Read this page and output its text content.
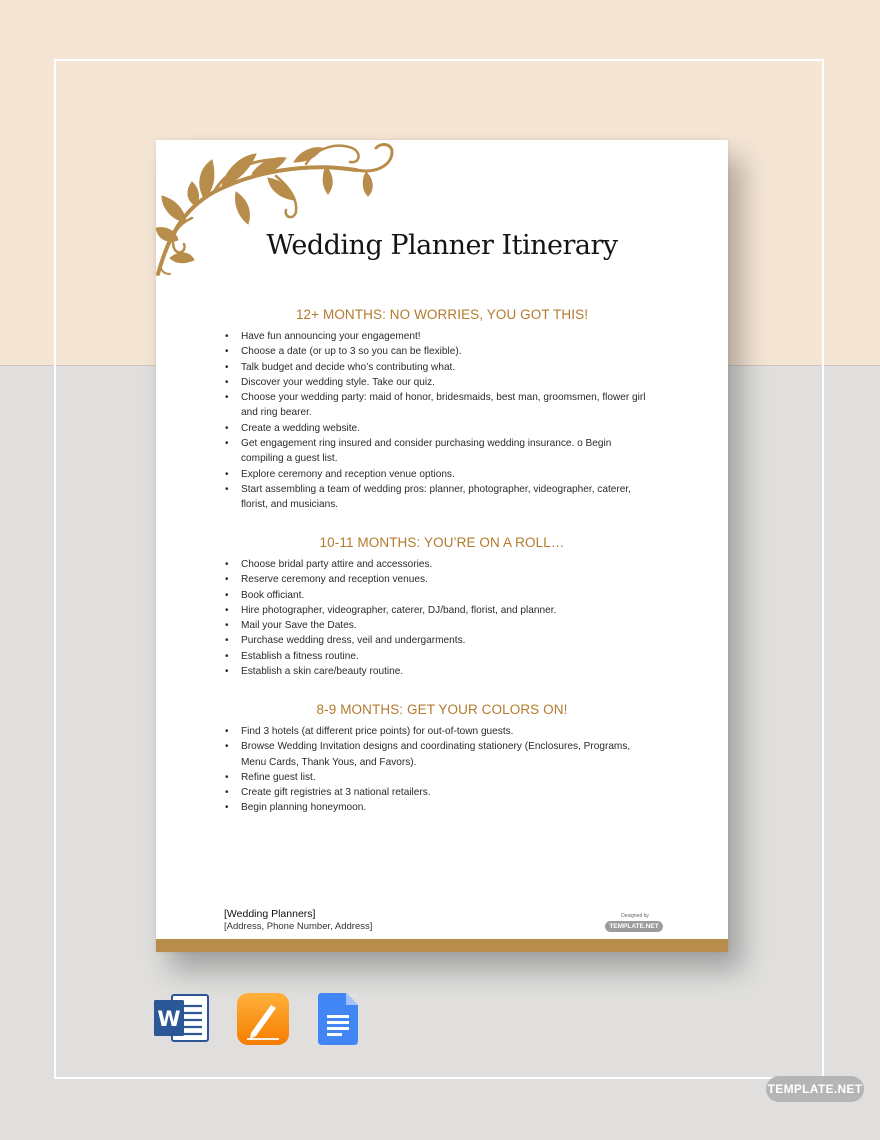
Wedding Planner Itinerary
12+ MONTHS: NO WORRIES, YOU GOT THIS!
• Have fun announcing your engagement!
• Choose a date (or up to 3 so you can be flexible).
• Talk budget and decide who’s contributing what.
• Discover your wedding style. Take our quiz.
• Choose your wedding party: maid of honor, bridesmaids, best man, groomsmen, flower girl and ring bearer.
• Create a wedding website.
• Get engagement ring insured and consider purchasing wedding insurance. o Begin compiling a guest list.
• Explore ceremony and reception venue options.
• Start assembling a team of wedding pros: planner, photographer, videographer, caterer, florist, and musicians.
10-11 MONTHS: YOU’RE ON A ROLL…
• Choose bridal party attire and accessories.
• Reserve ceremony and reception venues.
• Book officiant.
• Hire photographer, videographer, caterer, DJ/band, florist, and planner.
• Mail your Save the Dates.
• Purchase wedding dress, veil and undergarments.
• Establish a fitness routine.
• Establish a skin care/beauty routine.
8-9 MONTHS: GET YOUR COLORS ON!
• Find 3 hotels (at different price points) for out-of-town guests.
• Browse Wedding Invitation designs and coordinating stationery (Enclosures, Programs, Menu Cards, Thank Yous, and Favors).
• Refine guest list.
• Create gift registries at 3 national retailers.
• Begin planning honeymoon.
[Wedding Planners]
[Address, Phone Number, Address]
Designed by
TEMPLATE.NET
W
TEMPLATE.NET
